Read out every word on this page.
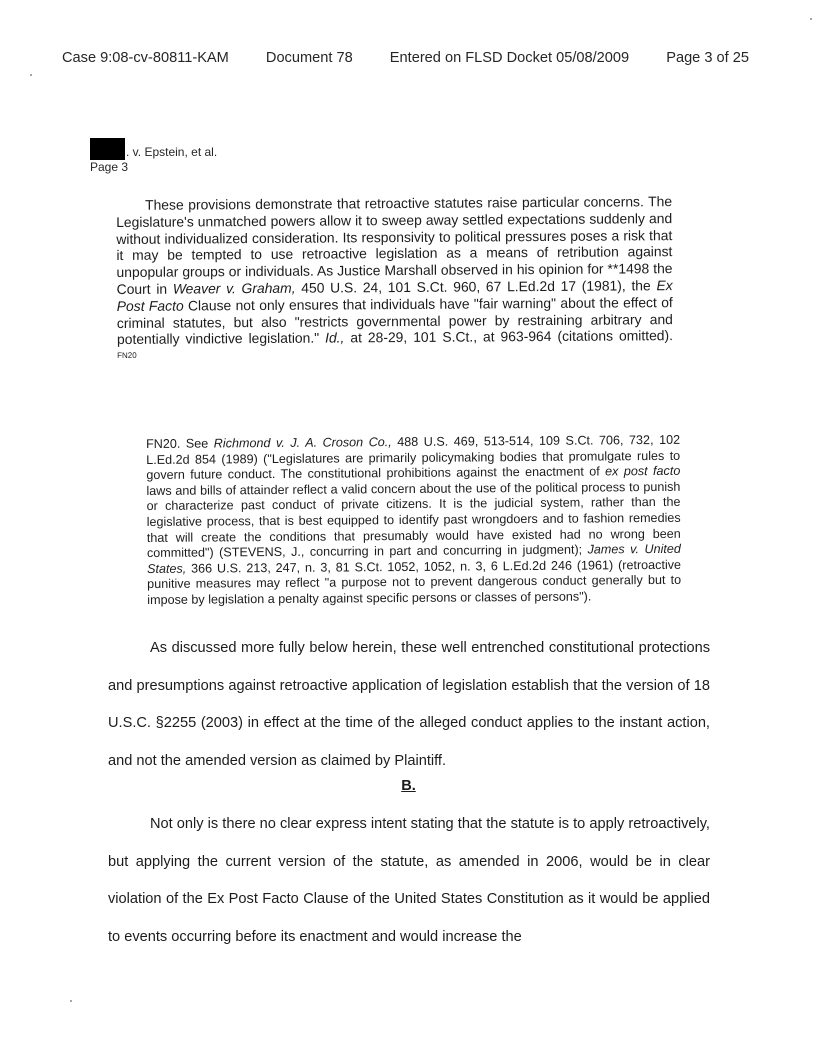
Case 9:08-cv-80811-KAM	Document 78	Entered on FLSD Docket 05/08/2009	Page 3 of 25
. v. Epstein, et al.
Page 3

These provisions demonstrate that retroactive statutes raise particular concerns. The Legislature's unmatched powers allow it to sweep away settled expectations suddenly and without individualized consideration. Its responsivity to political pressures poses a risk that it may be tempted to use retroactive legislation as a means of retribution against unpopular groups or individuals. As Justice Marshall observed in his opinion for **1498 the Court in Weaver v. Graham, 450 U.S. 24, 101 S.Ct. 960, 67 L.Ed.2d 17 (1981), the Ex Post Facto Clause not only ensures that individuals have "fair warning" about the effect of criminal statutes, but also "restricts governmental power by restraining arbitrary and potentially vindictive legislation." Id., at 28-29, 101 S.Ct., at 963-964 (citations omitted). $^{FN20}$

FN20. See Richmond v. J. A. Croson Co., 488 U.S. 469, 513-514, 109 S.Ct. 706, 732, 102 L.Ed.2d 854 (1989) ("Legislatures are primarily policymaking bodies that promulgate rules to govern future conduct. The constitutional prohibitions against the enactment of ex post facto laws and bills of attainder reflect a valid concern about the use of the political process to punish or characterize past conduct of private citizens. It is the judicial system, rather than the legislative process, that is best equipped to identify past wrongdoers and to fashion remedies that will create the conditions that presumably would have existed had no wrong been committed") (STEVENS, J., concurring in part and concurring in judgment); James v. United States, 366 U.S. 213, 247, n. 3, 81 S.Ct. 1052, 1052, n. 3, 6 L.Ed.2d 246 (1961) (retroactive punitive measures may reflect "a purpose not to prevent dangerous conduct generally but to impose by legislation a penalty against specific persons or classes of persons").

As discussed more fully below herein, these well entrenched constitutional protections and presumptions against retroactive application of legislation establish that the version of 18 U.S.C. §2255 (2003) in effect at the time of the alleged conduct applies to the instant action, and not the amended version as claimed by Plaintiff.

B.

Not only is there no clear express intent stating that the statute is to apply retroactively, but applying the current version of the statute, as amended in 2006, would be in clear violation of the Ex Post Facto Clause of the United States Constitution as it would be applied to events occurring before its enactment and would increase the
